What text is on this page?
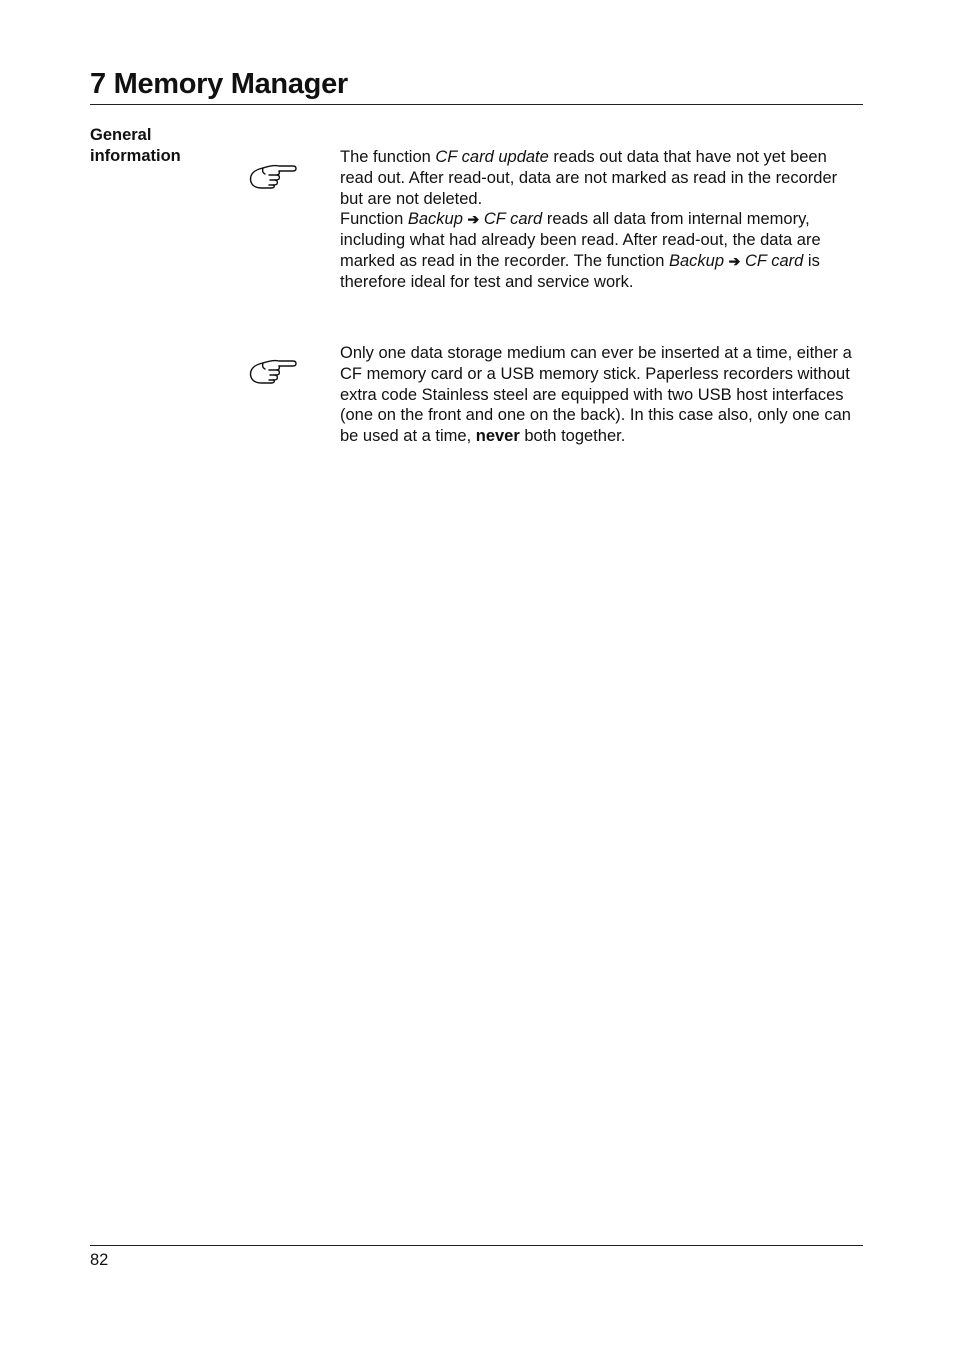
7 Memory Manager
General
information	The function CF card update reads out data that have not yet been read out. After read-out, data are not marked as read in the recorder but are not deleted.

Function Backup ➔ CF card reads all data from internal memory, including what had already been read. After read-out, the data are marked as read in the recorder. The function Backup ➔ CF card is therefore ideal for test and service work.

Only one data storage medium can ever be inserted at a time, either a CF memory card or a USB memory stick. Paperless recorders without extra code Stainless steel are equipped with two USB host interfaces (one on the front and one on the back). In this case also, only one can be used at a time, never both together.

82
